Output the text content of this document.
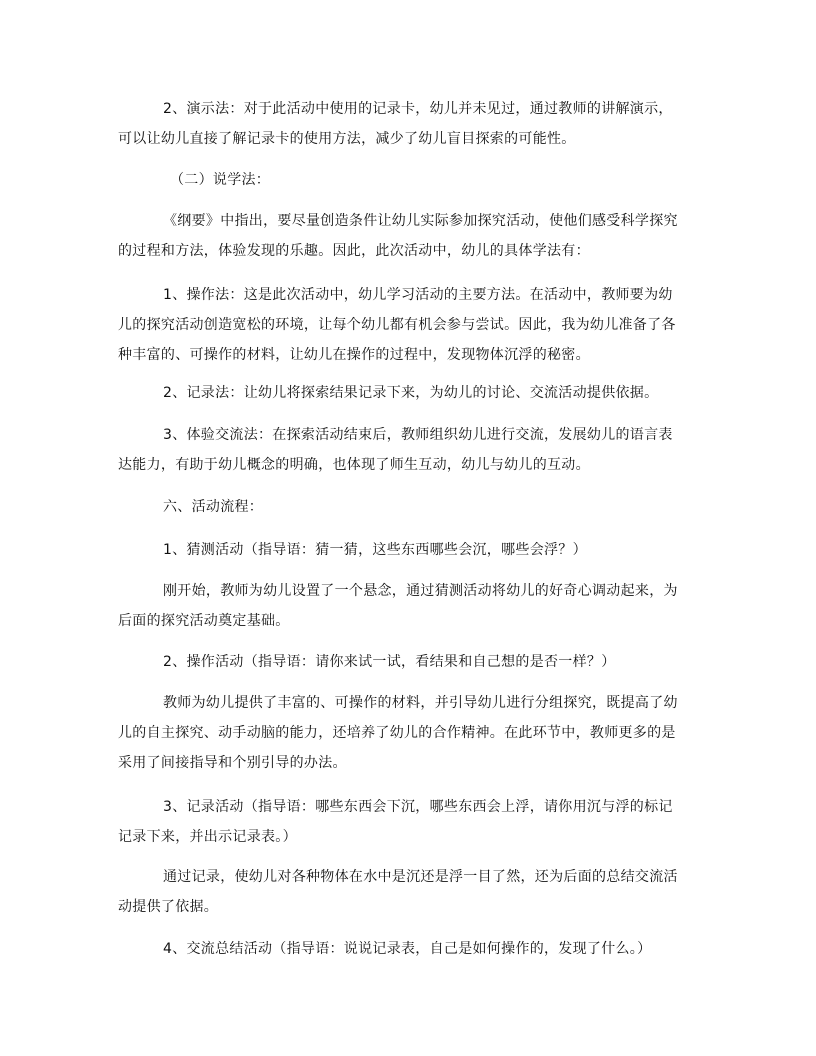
2、演示法：对于此活动中使用的记录卡，幼儿并未见过，通过教师的讲解演示，
可以让幼儿直接了解记录卡的使用方法，减少了幼儿盲目探索的可能性。
（二）说学法：
《纲要》中指出，要尽量创造条件让幼儿实际参加探究活动，使他们感受科学探究
的过程和方法，体验发现的乐趣。因此，此次活动中，幼儿的具体学法有：
1、操作法：这是此次活动中，幼儿学习活动的主要方法。在活动中，教师要为幼
儿的探究活动创造宽松的环境，让每个幼儿都有机会参与尝试。因此，我为幼儿准备了各
种丰富的、可操作的材料，让幼儿在操作的过程中，发现物体沉浮的秘密。
2、记录法：让幼儿将探索结果记录下来，为幼儿的讨论、交流活动提供依据。
3、体验交流法：在探索活动结束后，教师组织幼儿进行交流，发展幼儿的语言表
达能力，有助于幼儿概念的明确，也体现了师生互动，幼儿与幼儿的互动。
六、活动流程：
1、猜测活动（指导语：猜一猜，这些东西哪些会沉，哪些会浮？）
刚开始，教师为幼儿设置了一个悬念，通过猜测活动将幼儿的好奇心调动起来，为
后面的探究活动奠定基础。
2、操作活动（指导语：请你来试一试，看结果和自己想的是否一样？）
教师为幼儿提供了丰富的、可操作的材料，并引导幼儿进行分组探究，既提高了幼
儿的自主探究、动手动脑的能力，还培养了幼儿的合作精神。在此环节中，教师更多的是
采用了间接指导和个别引导的办法。
3、记录活动（指导语：哪些东西会下沉，哪些东西会上浮，请你用沉与浮的标记
记录下来，并出示记录表。）
通过记录，使幼儿对各种物体在水中是沉还是浮一目了然，还为后面的总结交流活
动提供了依据。
4、交流总结活动（指导语：说说记录表，自己是如何操作的，发现了什么。）
